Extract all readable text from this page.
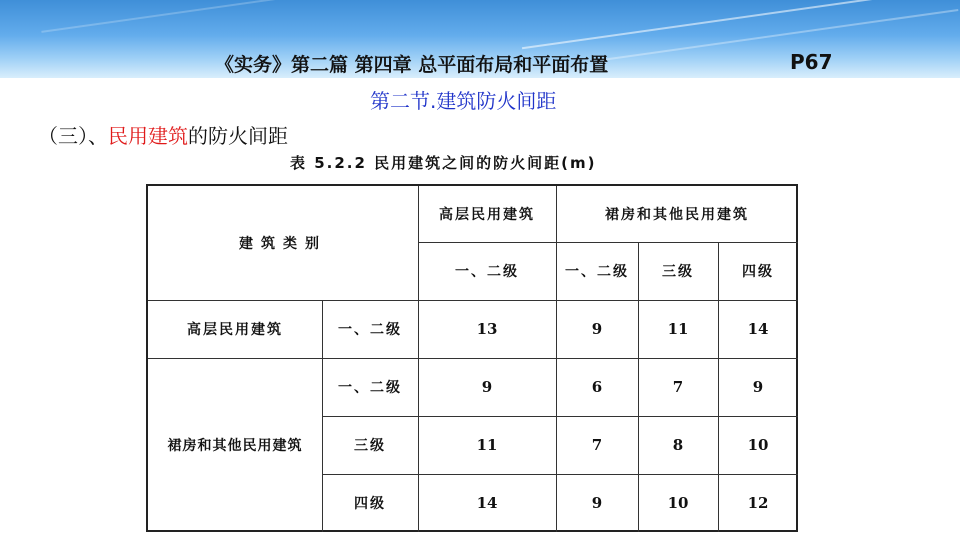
《实务》第二篇 第四章 总平面布局和平面布置	P67
第二节.建筑防火间距
（三）、民用建筑的防火间距
表 5.2.2 民用建筑之间的防火间距(m)
建筑类别
高层民用建筑	裙房和其他民用建筑
一、二级	一、二级	三级	四级
高层民用建筑	一、二级	13	9	11	14
裙房和其他民用建筑
一、二级	9	6	7	9
三级	11	7	8	10
四级	14	9	10	12
